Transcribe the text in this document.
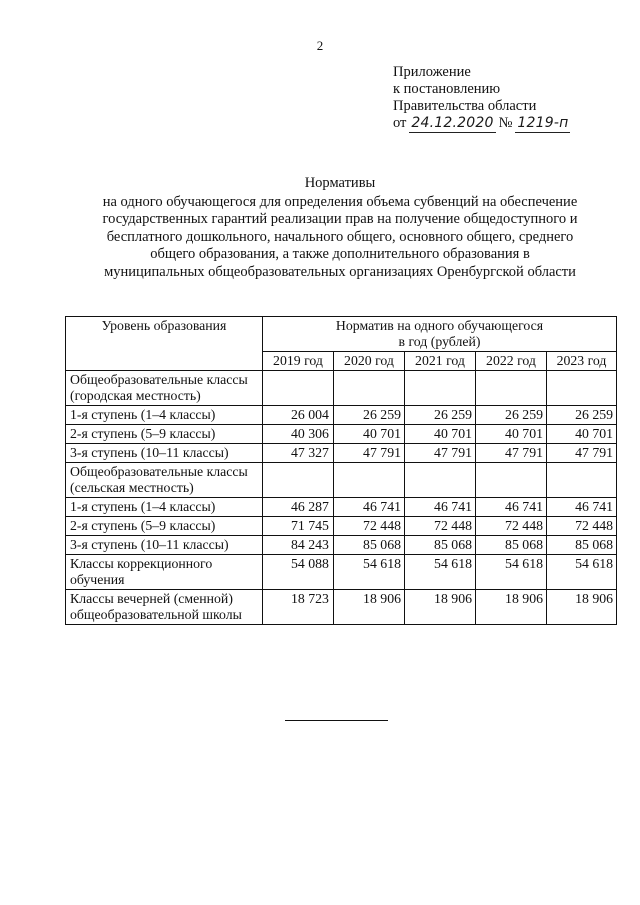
2
Приложение
к постановлению
Правительства области
от 24.12.2020 № 1219-п
Нормативы
на одного обучающегося для определения объема субвенций на обеспечение
государственных гарантий реализации прав на получение общедоступного и
бесплатного дошкольного, начального общего, основного общего, среднего
общего образования, а также дополнительного образования в
муниципальных общеобразовательных организациях Оренбургской области
Уровень образования	Норматив на одного обучающегося
в год (рублей)				

	2019 год	2020 год	2021 год	2022 год	2023 год
Общеобразовательные классы (городская местность)					
1-я ступень (1–4 классы)	26 004	26 259	26 259	26 259	26 259
2-я ступень (5–9 классы)	40 306	40 701	40 701	40 701	40 701
3-я ступень (10–11 классы)	47 327	47 791	47 791	47 791	47 791
Общеобразовательные классы (сельская местность)					
1-я ступень (1–4 классы)	46 287	46 741	46 741	46 741	46 741
2-я ступень (5–9 классы)	71 745	72 448	72 448	72 448	72 448
3-я ступень (10–11 классы)	84 243	85 068	85 068	85 068	85 068
Классы коррекционного обучения	54 088	54 618	54 618	54 618	54 618
Классы вечерней (сменной) общеобразовательной школы	18 723	18 906	18 906	18 906	18 906
